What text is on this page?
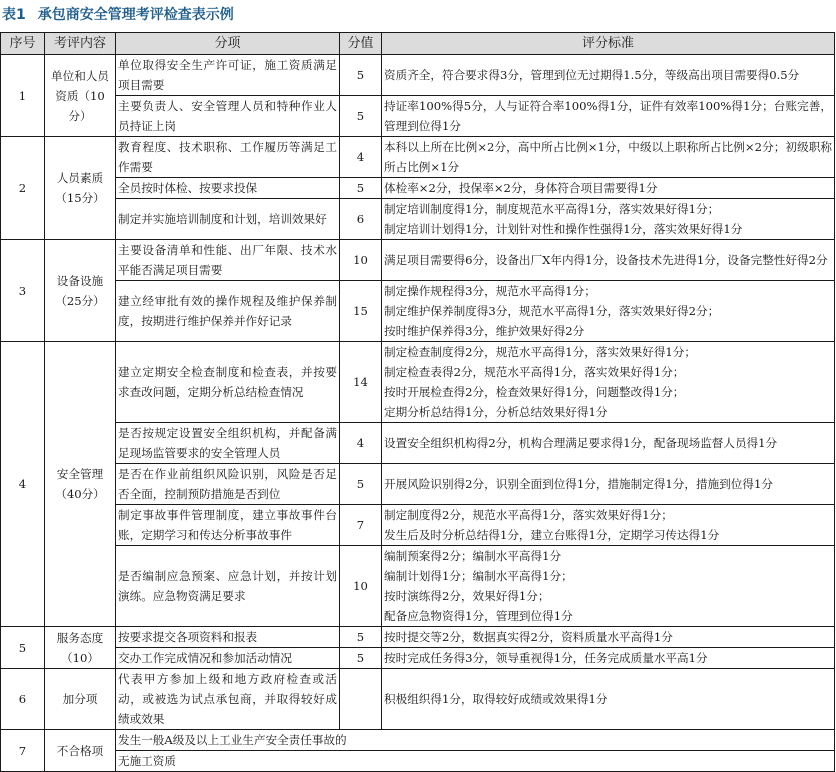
表1 承包商安全管理考评检查表示例
序号	考评内容	分项	分值	评分标准
1	单位和人员资质（10分）	单位取得安全生产许可证，施工资质满足项目需要	5	资质齐全，符合要求得3分，管理到位无过期得1.5分，等级高出项目需要得0.5分

		主要负责人、安全管理人员和特种作业人员持证上岗	5	持证率100%得5分，人与证符合率100%得1分，证件有效率100%得1分；台账完善，管理到位得1分

2	人员素质（15分）	教育程度、技术职称、工作履历等满足工作需要	4	本科以上所在比例×2分，高中所占比例×1分，中级以上职称所占比例×2分；初级职称所占比例×1分

		全员按时体检、按要求投保	5	体检率×2分，投保率×2分，身体符合项目需要得1分

		制定并实施培训制度和计划，培训效果好	6	制定培训制度得1分，制度规范水平高得1分，落实效果好得1分；
制定培训计划得1分，计划针对性和操作性强得1分，落实效果好得1分

3	设备设施（25分）	主要设备清单和性能、出厂年限、技术水平能否满足项目需要	10	满足项目需要得6分，设备出厂X年内得1分，设备技术先进得1分，设备完整性好得2分

		建立经审批有效的操作规程及维护保养制度，按期进行维护保养并作好记录	15	制定操作规程得3分，规范水平高得1分；
制定维护保养制度得3分，规范水平高得1分，落实效果好得2分；
按时维护保养得3分，维护效果好得2分

4	安全管理（40分）	建立定期安全检查制度和检查表，并按要求查改问题，定期分析总结检查情况	14	制定检查制度得2分，规范水平高得1分，落实效果好得1分；
制定检查表得2分，规范水平高得1分，落实效果好得1分；
按时开展检查得2分，检查效果好得1分，问题整改得1分；
定期分析总结得1分，分析总结效果好得1分

		是否按规定设置安全组织机构，并配备满足现场监管要求的安全管理人员	4	设置安全组织机构得2分，机构合理满足要求得1分，配备现场监督人员得1分

		是否在作业前组织风险识别，风险是否足否全面，控制预防措施是否到位	5	开展风险识别得2分，识别全面到位得1分，措施制定得1分，措施到位得1分

		制定事故事件管理制度，建立事故事件台账，定期学习和传达分析事故事件	7	制定制度得2分，规范水平高得1分，落实效果好得1分；
发生后及时分析总结得1分，建立台账得1分，定期学习传达得1分

		是否编制应急预案、应急计划，并按计划演练。应急物资满足要求	10	编制预案得2分；编制水平高得1分
编制计划得1分；编制水平高得1分；
按时演练得2分，效果好得1分；
配备应急物资得1分，管理到位得1分

5	服务态度（10）	按要求提交各项资料和报表	5	按时提交等2分，数据真实得2分，资料质量水平高得1分

		交办工作完成情况和参加活动情况	5	按时完成任务得3分，领导重视得1分，任务完成质量水平高1分

6	加分项	代表甲方参加上级和地方政府检查或活动，或被选为试点承包商，并取得较好成绩或效果		积极组织得1分，取得较好成绩或效果得1分

7	不合格项	发生一般A级及以上工业生产安全责任事故的		
		无施工资质		
